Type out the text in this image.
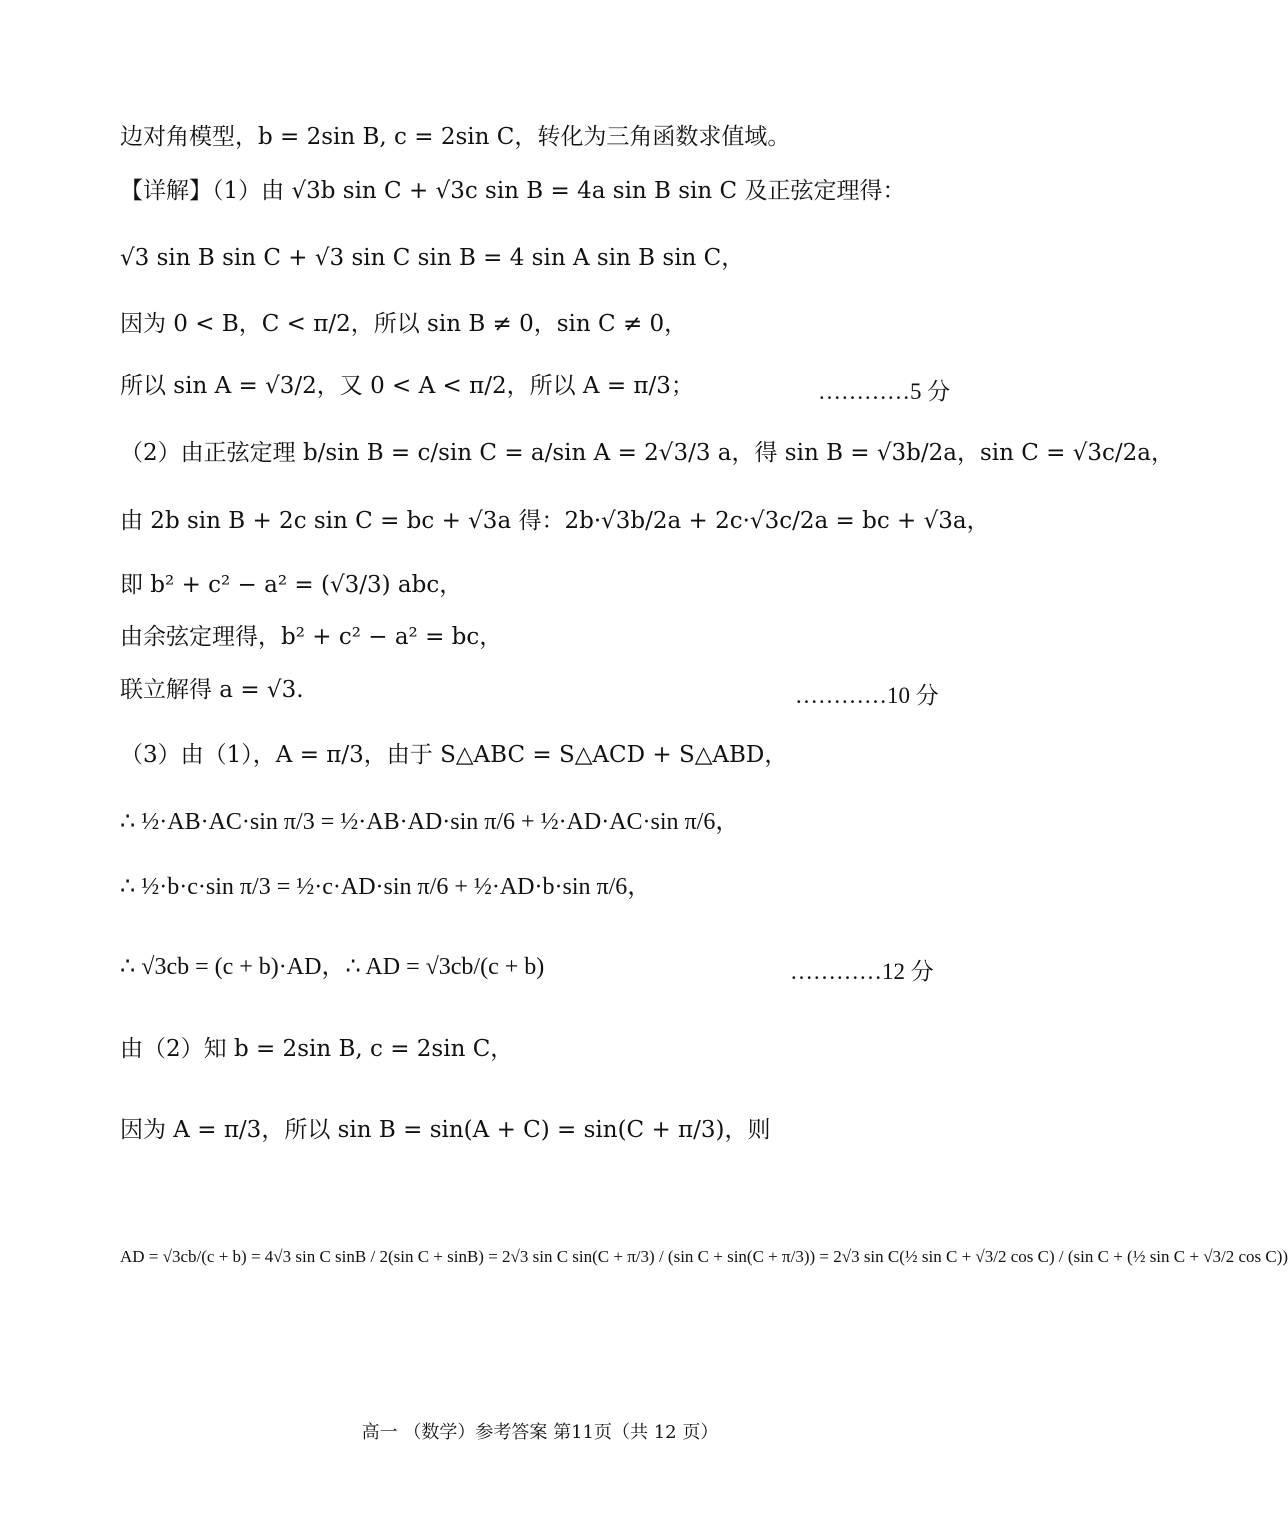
边对角模型，b = 2sin B, c = 2sin C，转化为三角函数求值域。
【详解】（1）由 √3b sin C + √3c sin B = 4a sin B sin C 及正弦定理得：
√3 sin B sin C + √3 sin C sin B = 4 sin A sin B sin C，
因为 0 < B，C < π/2，所以 sin B ≠ 0，sin C ≠ 0，
所以 sin A = √3/2，又 0 < A < π/2，所以 A = π/3；	…………5 分
（2）由正弦定理 b/sin B = c/sin C = a/sin A = 2√3/3 a，得 sin B = √3b/2a，sin C = √3c/2a，
由 2b sin B + 2c sin C = bc + √3a 得：2b·√3b/2a + 2c·√3c/2a = bc + √3a，
即 b² + c² − a² = (√3/3) abc，
由余弦定理得，b² + c² − a² = bc，
联立解得 a = √3.	…………10 分
（3）由（1），A = π/3，由于 S△ABC = S△ACD + S△ABD，
∴ ½·AB·AC·sin π/3 = ½·AB·AD·sin π/6 + ½·AD·AC·sin π/6，
∴ ½·b·c·sin π/3 = ½·c·AD·sin π/6 + ½·AD·b·sin π/6，
∴ √3cb = (c + b)·AD，∴ AD = √3cb/(c + b)	…………12 分
由（2）知 b = 2sin B, c = 2sin C，
因为 A = π/3，所以 sin B = sin(A + C) = sin(C + π/3)，则
AD = √3cb/(c + b) = 4√3 sin C sinB / 2(sin C + sinB) = 2√3 sin C sin(C + π/3) / (sin C + sin(C + π/3)) = 2√3 sin C(½ sin C + √3/2 cos C) / (sin C + (½ sin C + √3/2 cos C))
高一 （数学）参考答案 第11页（共 12 页）
